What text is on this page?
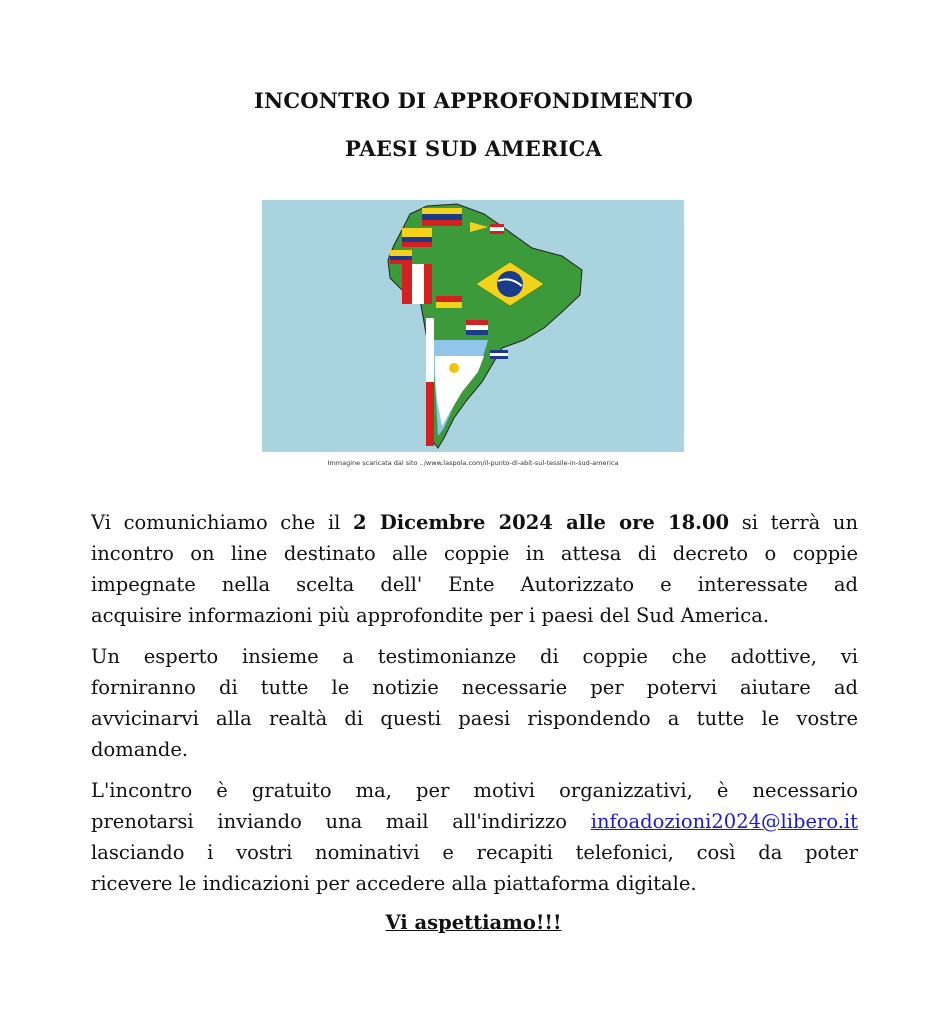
INCONTRO DI APPROFONDIMENTO
PAESI SUD AMERICA
Immagine scaricata dal sito ../www.laspola.com/il-punto-di-abit-sul-tessile-in-sud-america
Vi comunichiamo che il 2 Dicembre 2024 alle ore 18.00 si terrà un
incontro on line destinato alle coppie in attesa di decreto o coppie
impegnate nella scelta dell' Ente Autorizzato e interessate ad
acquisire informazioni più approfondite per i paesi del Sud America.
Un esperto insieme a testimonianze di coppie che adottive, vi
forniranno di tutte le notizie necessarie per potervi aiutare ad
avvicinarvi alla realtà di questi paesi rispondendo a tutte le vostre
domande.
L'incontro è gratuito ma, per motivi organizzativi, è necessario
prenotarsi inviando una mail all'indirizzo infoadozioni2024@libero.it
lasciando i vostri nominativi e recapiti telefonici, così da poter
ricevere le indicazioni per accedere alla piattaforma digitale.
Vi aspettiamo!!!
